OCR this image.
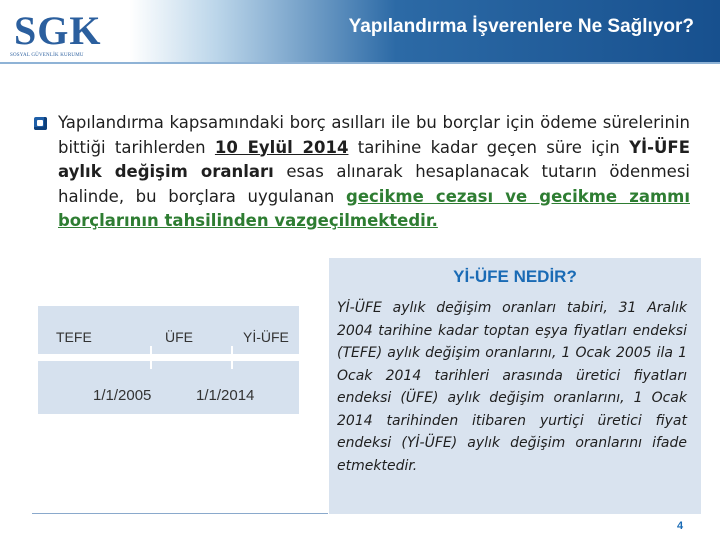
SGK
SOSYAL GÜVENLİK KURUMU
Yapılandırma İşverenlere Ne Sağlıyor?
Yapılandırma kapsamındaki borç asılları ile bu borçlar için ödeme sürelerinin bittiği tarihlerden 10 Eylül 2014 tarihine kadar geçen süre için Yİ-ÜFE aylık değişim oranları esas alınarak hesaplanacak tutarın ödenmesi halinde, bu borçlara uygulanan gecikme cezası ve gecikme zammı borçlarının tahsilinden vazgeçilmektedir.
TEFE	ÜFE	Yİ-ÜFE
1/1/2005	1/1/2014
Yİ-ÜFE NEDİR?
Yİ-ÜFE aylık değişim oranları tabiri, 31 Aralık 2004 tarihine kadar toptan eşya fiyatları endeksi (TEFE) aylık değişim oranlarını, 1 Ocak 2005 ila 1 Ocak 2014 tarihleri arasında üretici fiyatları endeksi (ÜFE) aylık değişim oranlarını, 1 Ocak 2014 tarihinden itibaren yurtiçi üretici fiyat endeksi (Yİ-ÜFE) aylık değişim oranlarını ifade etmektedir.
4
